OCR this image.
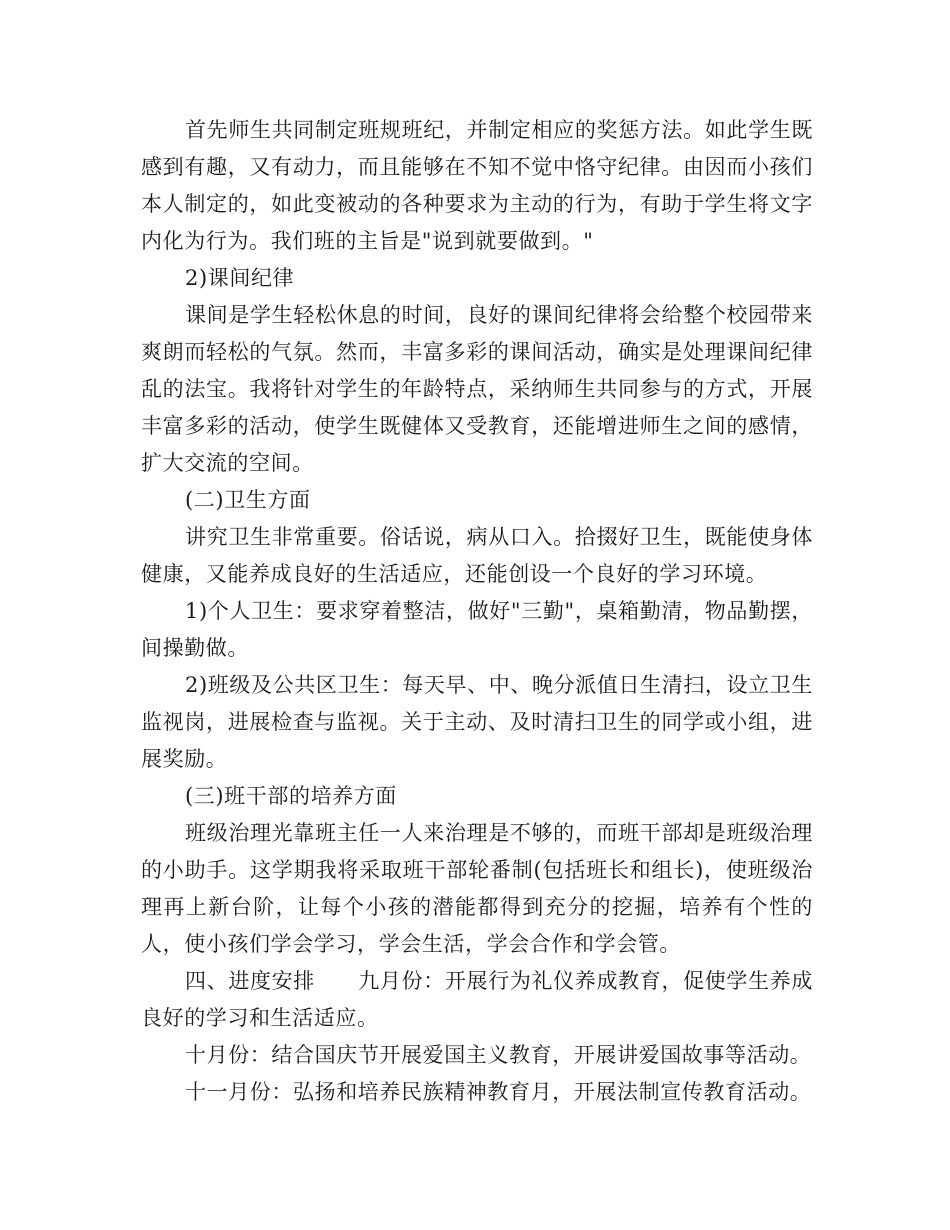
首先师生共同制定班规班纪，并制定相应的奖惩方法。如此学生既感到有趣，又有动力，而且能够在不知不觉中恪守纪律。由因而小孩们本人制定的，如此变被动的各种要求为主动的行为，有助于学生将文字内化为行为。我们班的主旨是"说到就要做到。"

2)课间纪律

课间是学生轻松休息的时间，良好的课间纪律将会给整个校园带来爽朗而轻松的气氛。然而，丰富多彩的课间活动，确实是处理课间纪律乱的法宝。我将针对学生的年龄特点，采纳师生共同参与的方式，开展丰富多彩的活动，使学生既健体又受教育，还能增进师生之间的感情，扩大交流的空间。

(二)卫生方面

讲究卫生非常重要。俗话说，病从口入。拾掇好卫生，既能使身体健康，又能养成良好的生活适应，还能创设一个良好的学习环境。

1)个人卫生：要求穿着整洁，做好"三勤"，桌箱勤清，物品勤摆，间操勤做。

2)班级及公共区卫生：每天早、中、晚分派值日生清扫，设立卫生监视岗，进展检查与监视。关于主动、及时清扫卫生的同学或小组，进展奖励。

(三)班干部的培养方面

班级治理光靠班主任一人来治理是不够的，而班干部却是班级治理的小助手。这学期我将采取班干部轮番制(包括班长和组长)，使班级治理再上新台阶，让每个小孩的潜能都得到充分的挖掘，培养有个性的人，使小孩们学会学习，学会生活，学会合作和学会管。

四、进度安排　　九月份：开展行为礼仪养成教育，促使学生养成良好的学习和生活适应。

十月份：结合国庆节开展爱国主义教育，开展讲爱国故事等活动。

十一月份：弘扬和培养民族精神教育月，开展法制宣传教育活动。
